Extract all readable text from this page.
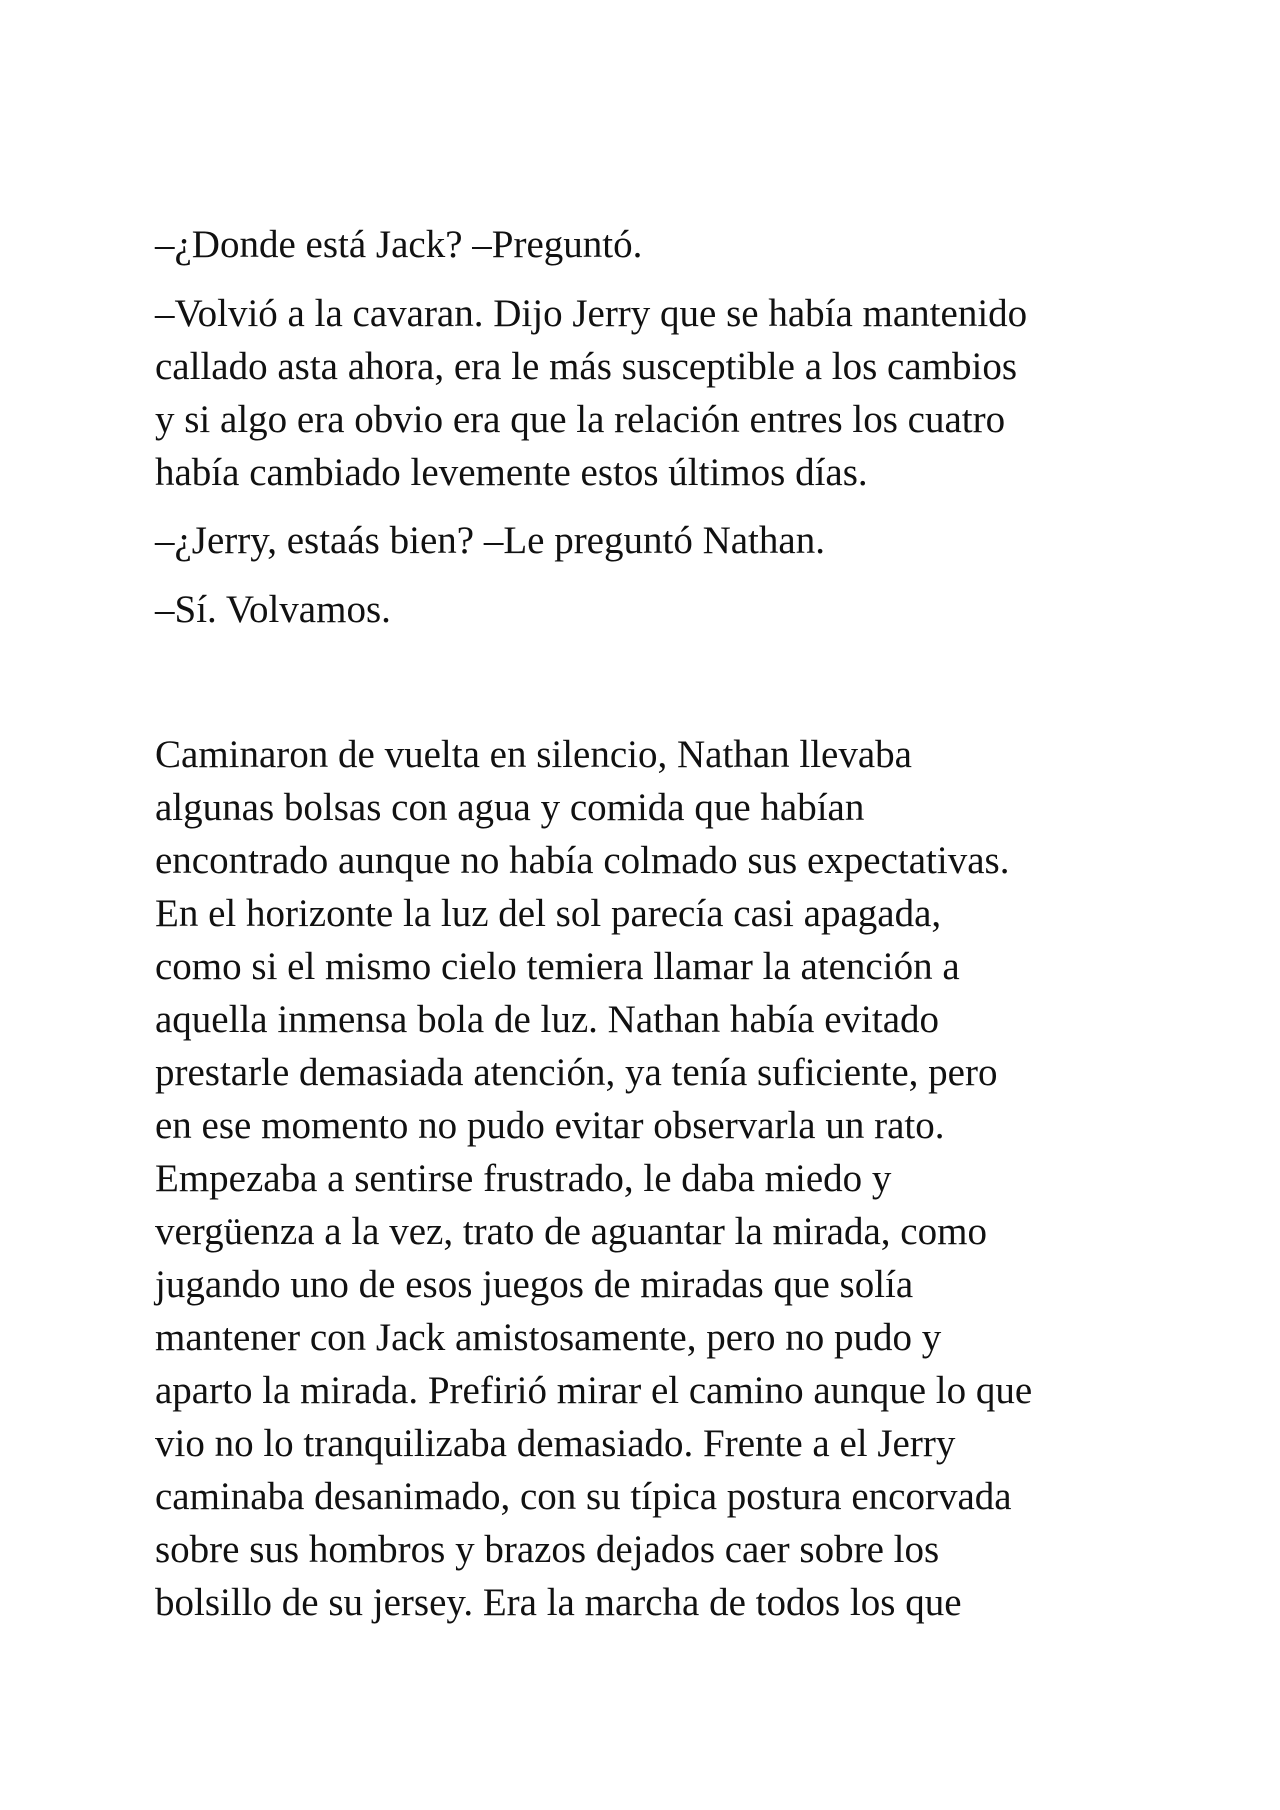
–¿Donde está Jack? –Preguntó.

–Volvió a la cavaran. Dijo Jerry que se había mantenido
callado asta ahora, era le más susceptible a los cambios
y si algo era obvio era que la relación entres los cuatro
había cambiado levemente estos últimos días.

–¿Jerry, estaás bien? –Le preguntó Nathan.

–Sí. Volvamos.

Caminaron de vuelta en silencio, Nathan llevaba
algunas bolsas con agua y comida que habían
encontrado aunque no había colmado sus expectativas.
En el horizonte la luz del sol parecía casi apagada,
como si el mismo cielo temiera llamar la atención a
aquella inmensa bola de luz. Nathan había evitado
prestarle demasiada atención, ya tenía suficiente, pero
en ese momento no pudo evitar observarla un rato.
Empezaba a sentirse frustrado, le daba miedo y
vergüenza a la vez, trato de aguantar la mirada, como
jugando uno de esos juegos de miradas que solía
mantener con Jack amistosamente, pero no pudo y
aparto la mirada. Prefirió mirar el camino aunque lo que
vio no lo tranquilizaba demasiado. Frente a el Jerry
caminaba desanimado, con su típica postura encorvada
sobre sus hombros y brazos dejados caer sobre los
bolsillo de su jersey. Era la marcha de todos los que
